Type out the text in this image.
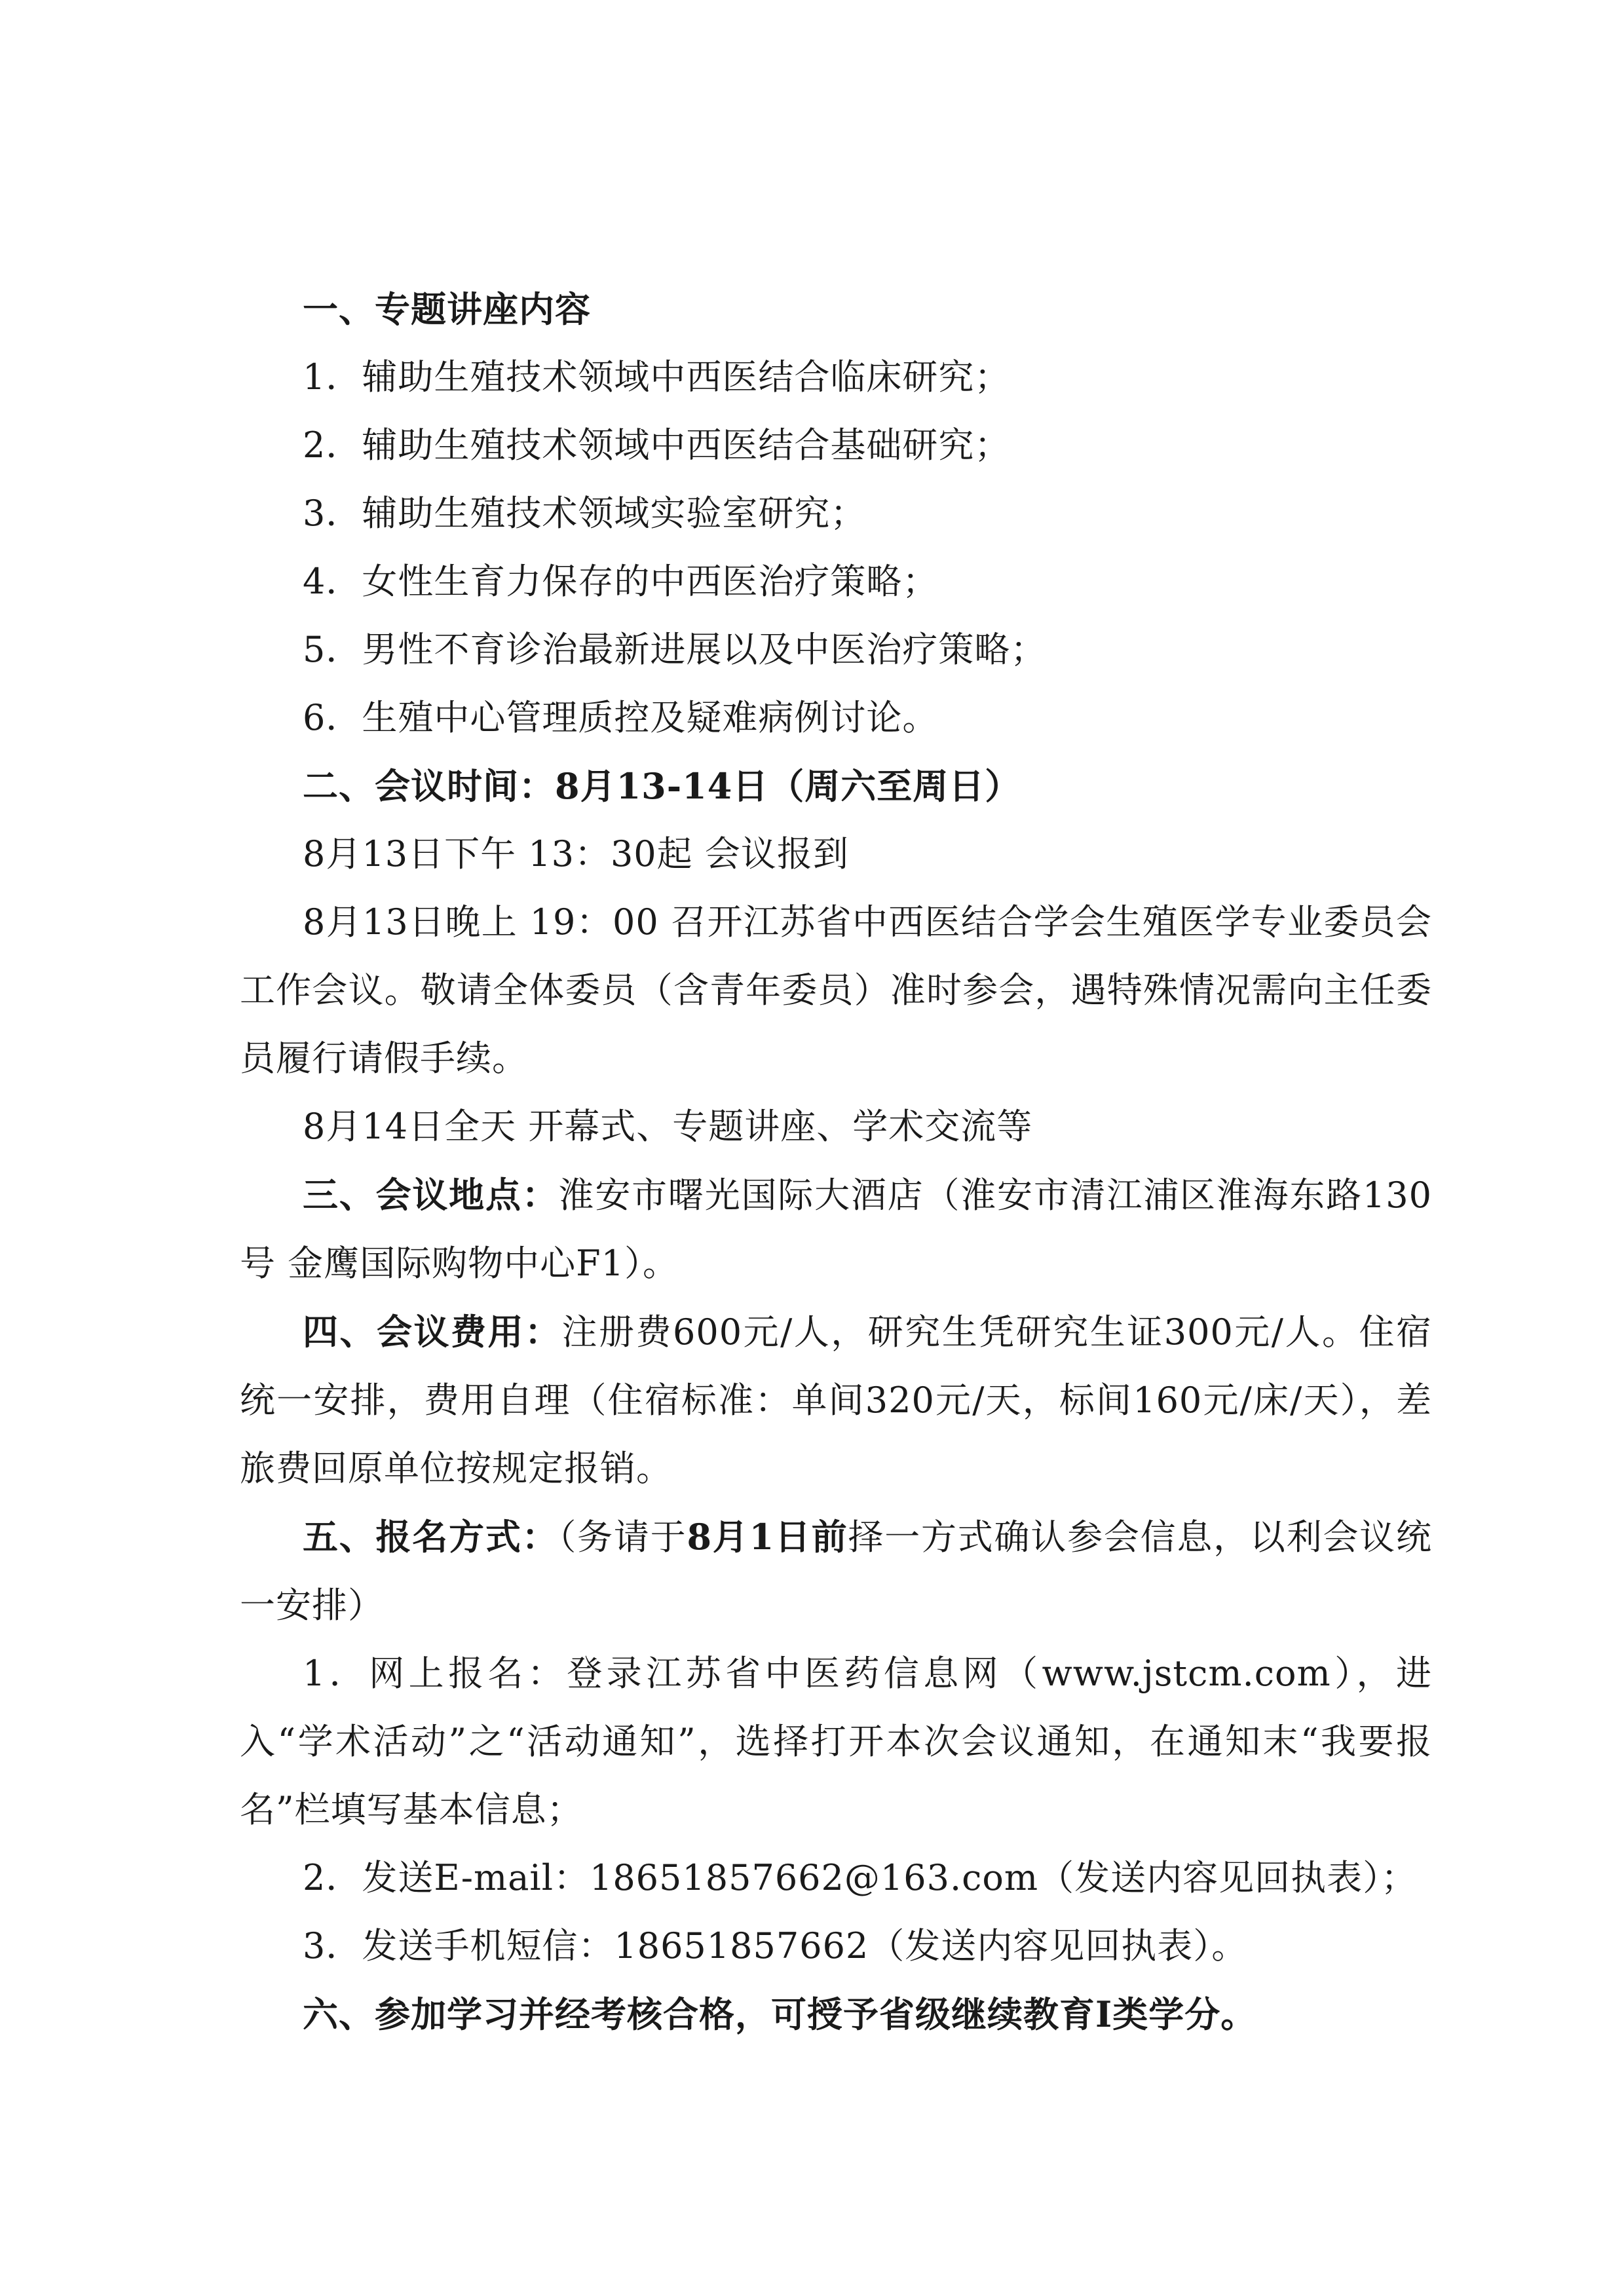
一、专题讲座内容
1．辅助生殖技术领域中西医结合临床研究；
2．辅助生殖技术领域中西医结合基础研究；
3．辅助生殖技术领域实验室研究；
4．女性生育力保存的中西医治疗策略；
5．男性不育诊治最新进展以及中医治疗策略；
6．生殖中心管理质控及疑难病例讨论。
二、会议时间：8月13-14日（周六至周日）
8月13日下午 13：30起 会议报到
8月13日晚上 19：00 召开江苏省中西医结合学会生殖医学专业委员会工作会议。敬请全体委员（含青年委员）准时参会，遇特殊情况需向主任委员履行请假手续。
8月14日全天 开幕式、专题讲座、学术交流等
三、会议地点：淮安市曙光国际大酒店（淮安市清江浦区淮海东路130号 金鹰国际购物中心F1）。
四、会议费用：注册费600元/人，研究生凭研究生证300元/人。住宿统一安排，费用自理（住宿标准：单间320元/天，标间160元/床/天），差旅费回原单位按规定报销。
五、报名方式：（务请于8月1日前择一方式确认参会信息，以利会议统一安排）
1．网上报名：登录江苏省中医药信息网（www.jstcm.com），进入“学术活动”之“活动通知”，选择打开本次会议通知，在通知末“我要报名”栏填写基本信息；
2．发送E-mail：18651857662@163.com（发送内容见回执表）；
3．发送手机短信：18651857662（发送内容见回执表）。
六、参加学习并经考核合格，可授予省级继续教育Ⅰ类学分。
